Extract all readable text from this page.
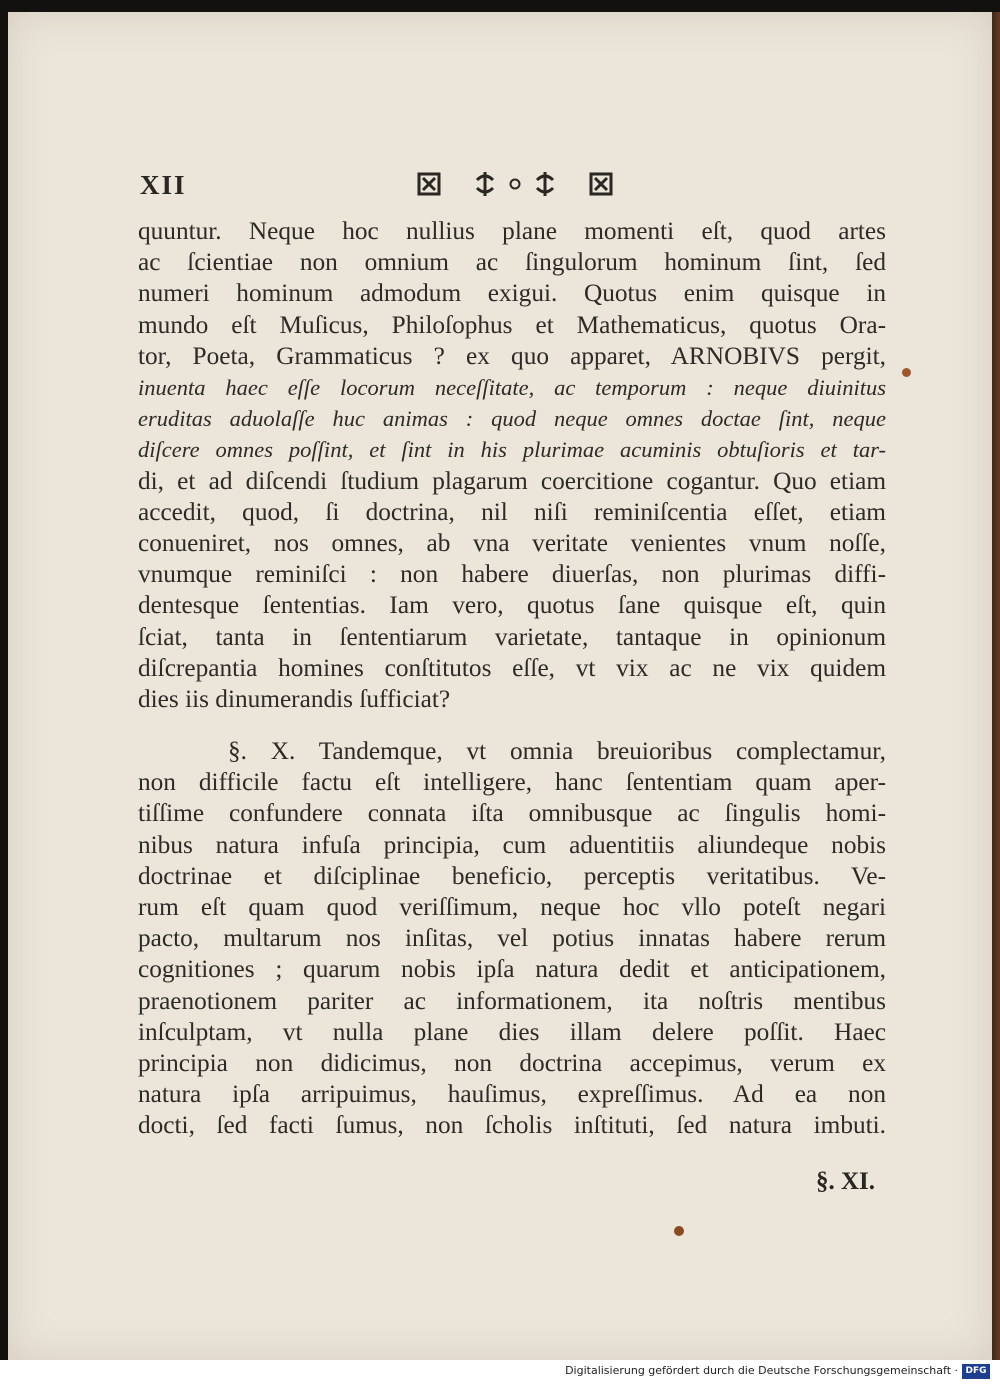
XII
quuntur. Neque hoc nullius plane momenti eſt, quod artes
ac ſcientiae non omnium ac ſingulorum hominum ſint, ſed
numeri hominum admodum exigui. Quotus enim quisque in
mundo eſt Muſicus, Philoſophus et Mathematicus, quotus Ora-
tor, Poeta, Grammaticus ? ex quo apparet, ARNOBIVS pergit,
inuenta haec eſſe locorum neceſſitate, ac temporum : neque diuinitus
eruditas aduolaſſe huc animas : quod neque omnes doctae ſint, neque
diſcere omnes poſſint, et ſint in his plurimae acuminis obtuſioris et tar-
di, et ad diſcendi ſtudium plagarum coercitione cogantur. Quo etiam
accedit, quod, ſi doctrina, nil niſi reminiſcentia eſſet, etiam
conueniret, nos omnes, ab vna veritate venientes vnum noſſe,
vnumque reminiſci : non habere diuerſas, non plurimas diffi-
dentesque ſententias. Iam vero, quotus ſane quisque eſt, quin
ſciat, tanta in ſententiarum varietate, tantaque in opinionum
diſcrepantia homines conſtitutos eſſe, vt vix ac ne vix quidem
dies iis dinumerandis ſufficiat?
§. X. Tandemque, vt omnia breuioribus complectamur,
non difficile factu eſt intelligere, hanc ſententiam quam aper-
tiſſime confundere connata iſta omnibusque ac ſingulis homi-
nibus natura infuſa principia, cum aduentitiis aliundeque nobis
doctrinae et diſciplinae beneficio, perceptis veritatibus. Ve-
rum eſt quam quod veriſſimum, neque hoc vllo poteſt negari
pacto, multarum nos inſitas, vel potius innatas habere rerum
cognitiones ; quarum nobis ipſa natura dedit et anticipationem,
praenotionem pariter ac informationem, ita noſtris mentibus
inſculptam, vt nulla plane dies illam delere poſſit. Haec
principia non didicimus, non doctrina accepimus, verum ex
natura ipſa arripuimus, hauſimus, expreſſimus. Ad ea non
docti, ſed facti ſumus, non ſcholis inſtituti, ſed natura imbuti.
§. XI.
Digitalisierung gefördert durch die Deutsche Forschungsgemeinschaft · DFG
